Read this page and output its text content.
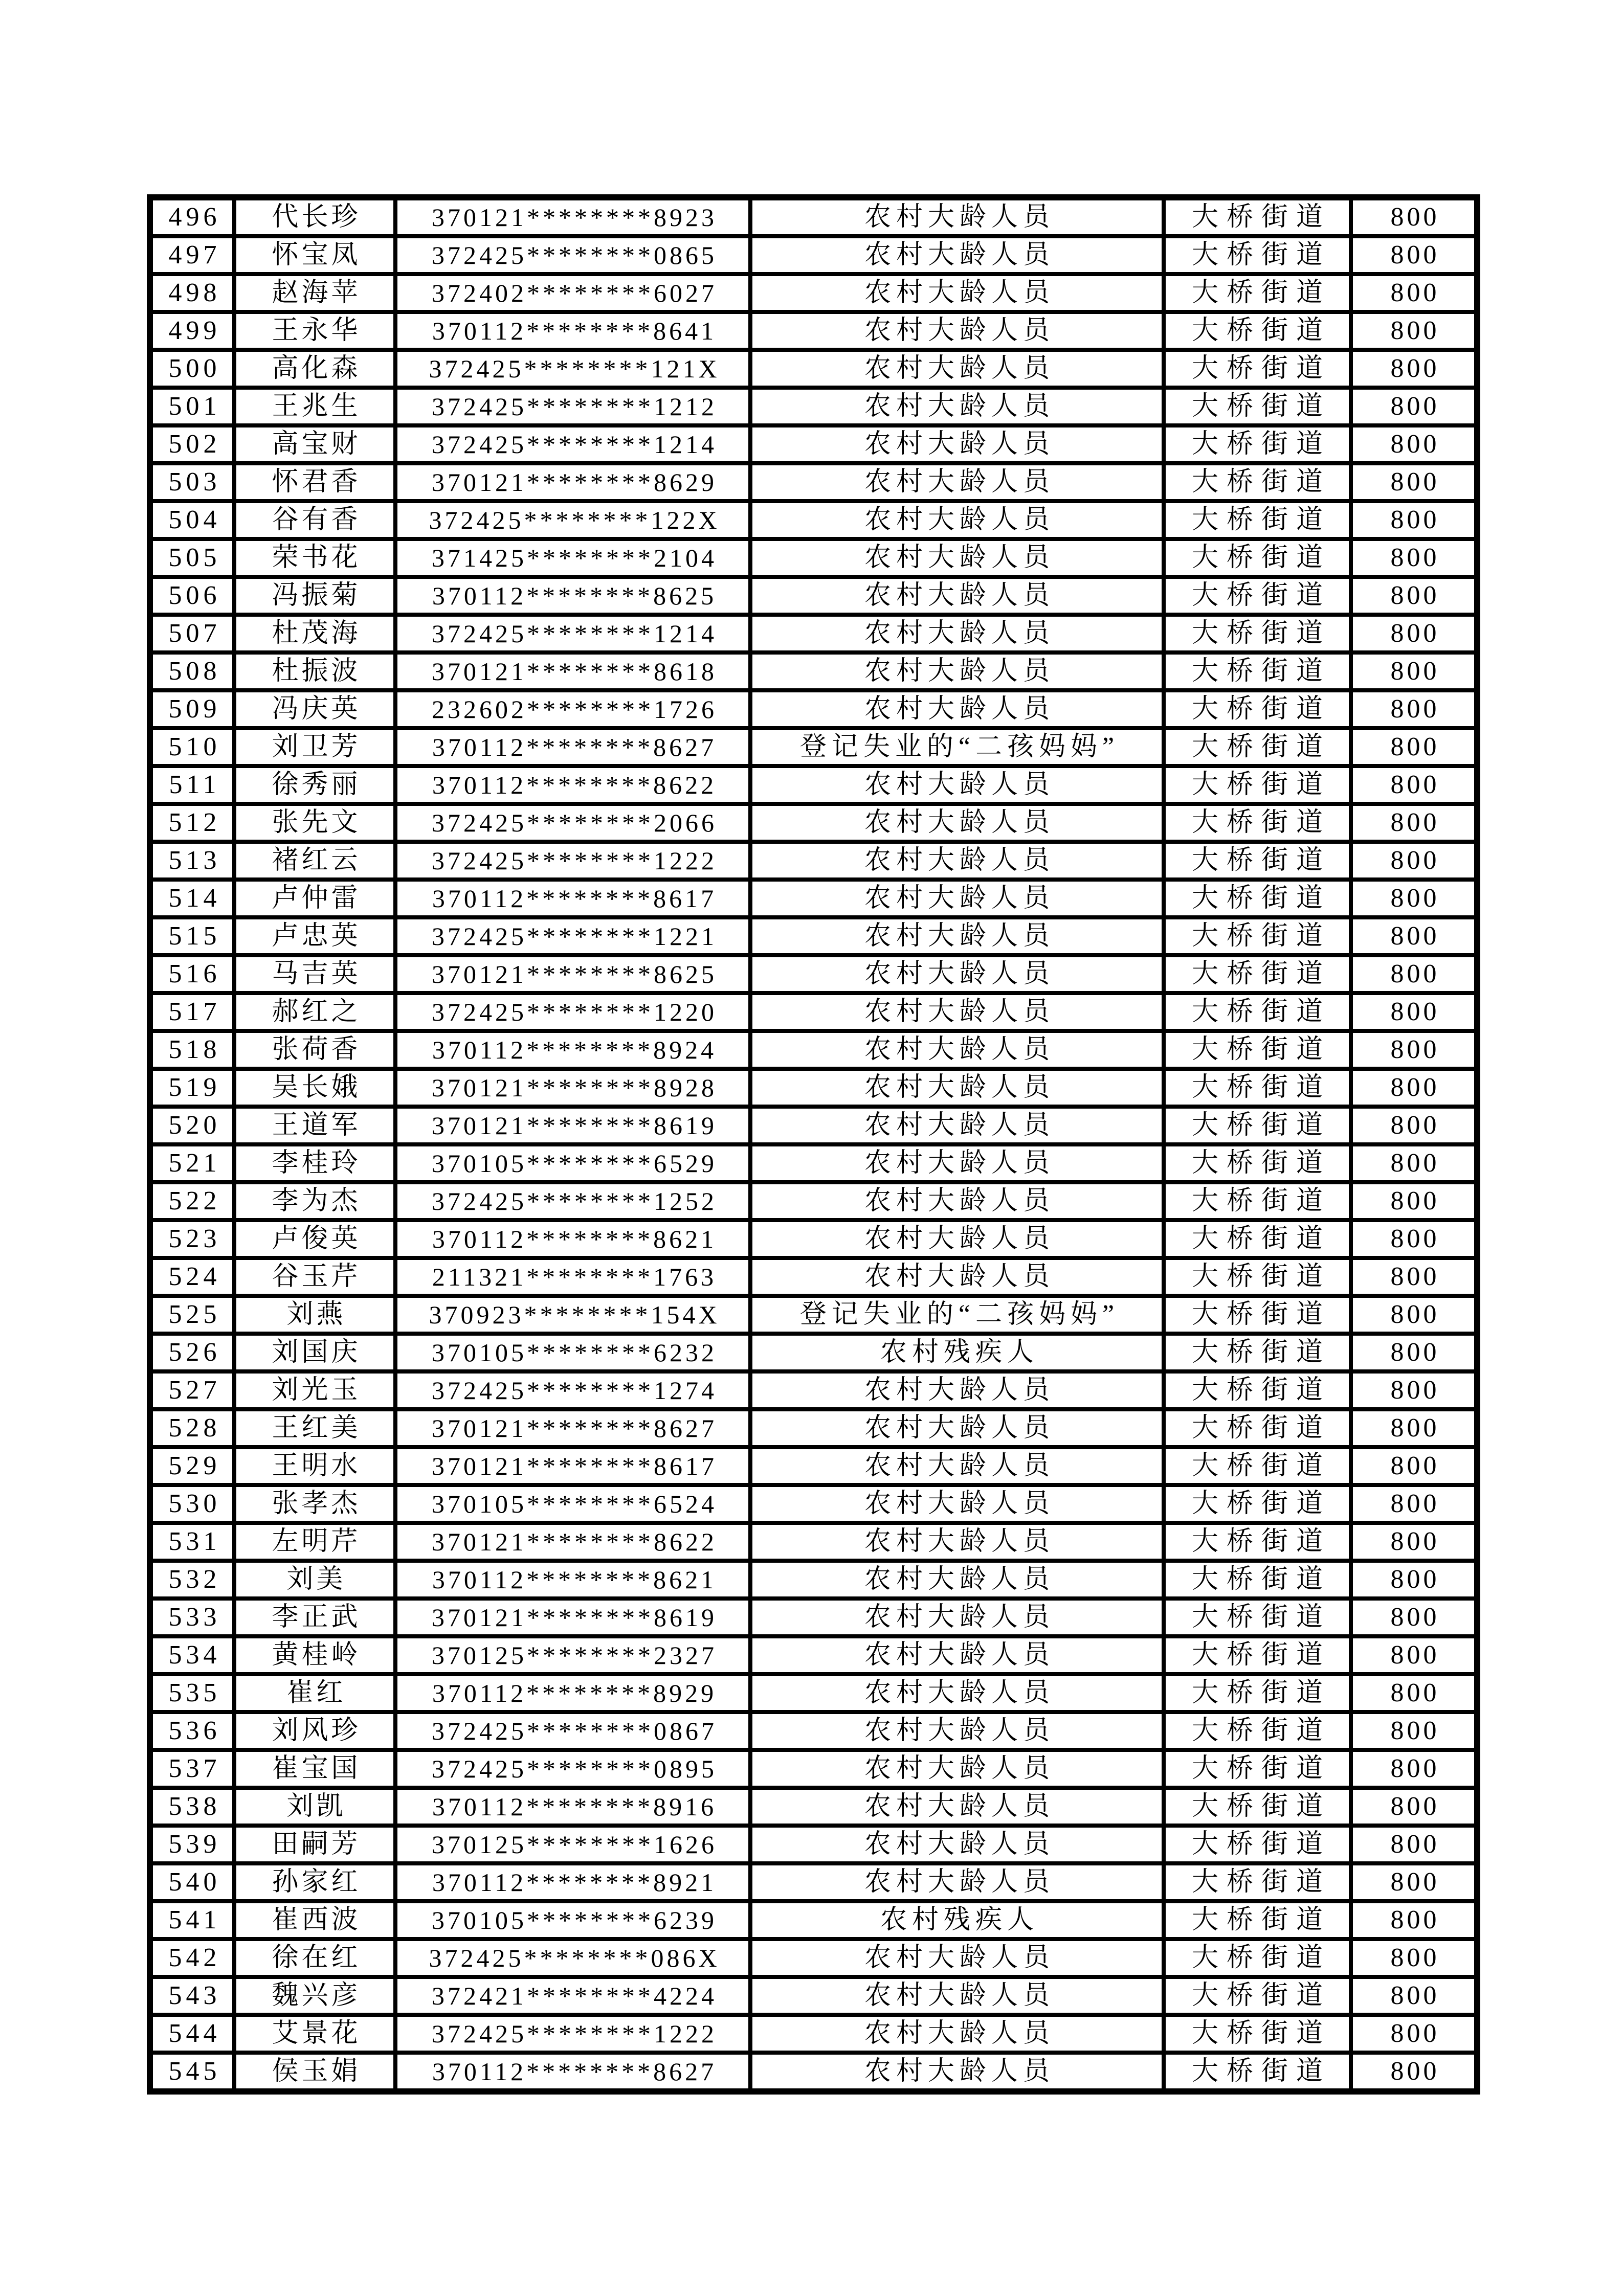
496	代长珍	370121********8923	农村大龄人员	大桥街道	800
497	怀宝凤	372425********0865	农村大龄人员	大桥街道	800
498	赵海苹	372402********6027	农村大龄人员	大桥街道	800
499	王永华	370112********8641	农村大龄人员	大桥街道	800
500	高化森	372425********121X	农村大龄人员	大桥街道	800
501	王兆生	372425********1212	农村大龄人员	大桥街道	800
502	高宝财	372425********1214	农村大龄人员	大桥街道	800
503	怀君香	370121********8629	农村大龄人员	大桥街道	800
504	谷有香	372425********122X	农村大龄人员	大桥街道	800
505	荣书花	371425********2104	农村大龄人员	大桥街道	800
506	冯振菊	370112********8625	农村大龄人员	大桥街道	800
507	杜茂海	372425********1214	农村大龄人员	大桥街道	800
508	杜振波	370121********8618	农村大龄人员	大桥街道	800
509	冯庆英	232602********1726	农村大龄人员	大桥街道	800
510	刘卫芳	370112********8627	登记失业的“二孩妈妈”	大桥街道	800
511	徐秀丽	370112********8622	农村大龄人员	大桥街道	800
512	张先文	372425********2066	农村大龄人员	大桥街道	800
513	褚红云	372425********1222	农村大龄人员	大桥街道	800
514	卢仲雷	370112********8617	农村大龄人员	大桥街道	800
515	卢忠英	372425********1221	农村大龄人员	大桥街道	800
516	马吉英	370121********8625	农村大龄人员	大桥街道	800
517	郝红之	372425********1220	农村大龄人员	大桥街道	800
518	张荷香	370112********8924	农村大龄人员	大桥街道	800
519	吴长娥	370121********8928	农村大龄人员	大桥街道	800
520	王道军	370121********8619	农村大龄人员	大桥街道	800
521	李桂玲	370105********6529	农村大龄人员	大桥街道	800
522	李为杰	372425********1252	农村大龄人员	大桥街道	800
523	卢俊英	370112********8621	农村大龄人员	大桥街道	800
524	谷玉芹	211321********1763	农村大龄人员	大桥街道	800
525	刘燕	370923********154X	登记失业的“二孩妈妈”	大桥街道	800
526	刘国庆	370105********6232	农村残疾人	大桥街道	800
527	刘光玉	372425********1274	农村大龄人员	大桥街道	800
528	王红美	370121********8627	农村大龄人员	大桥街道	800
529	王明水	370121********8617	农村大龄人员	大桥街道	800
530	张孝杰	370105********6524	农村大龄人员	大桥街道	800
531	左明芹	370121********8622	农村大龄人员	大桥街道	800
532	刘美	370112********8621	农村大龄人员	大桥街道	800
533	李正武	370121********8619	农村大龄人员	大桥街道	800
534	黄桂岭	370125********2327	农村大龄人员	大桥街道	800
535	崔红	370112********8929	农村大龄人员	大桥街道	800
536	刘风珍	372425********0867	农村大龄人员	大桥街道	800
537	崔宝国	372425********0895	农村大龄人员	大桥街道	800
538	刘凯	370112********8916	农村大龄人员	大桥街道	800
539	田嗣芳	370125********1626	农村大龄人员	大桥街道	800
540	孙家红	370112********8921	农村大龄人员	大桥街道	800
541	崔西波	370105********6239	农村残疾人	大桥街道	800
542	徐在红	372425********086X	农村大龄人员	大桥街道	800
543	魏兴彦	372421********4224	农村大龄人员	大桥街道	800
544	艾景花	372425********1222	农村大龄人员	大桥街道	800
545	侯玉娟	370112********8627	农村大龄人员	大桥街道	800
